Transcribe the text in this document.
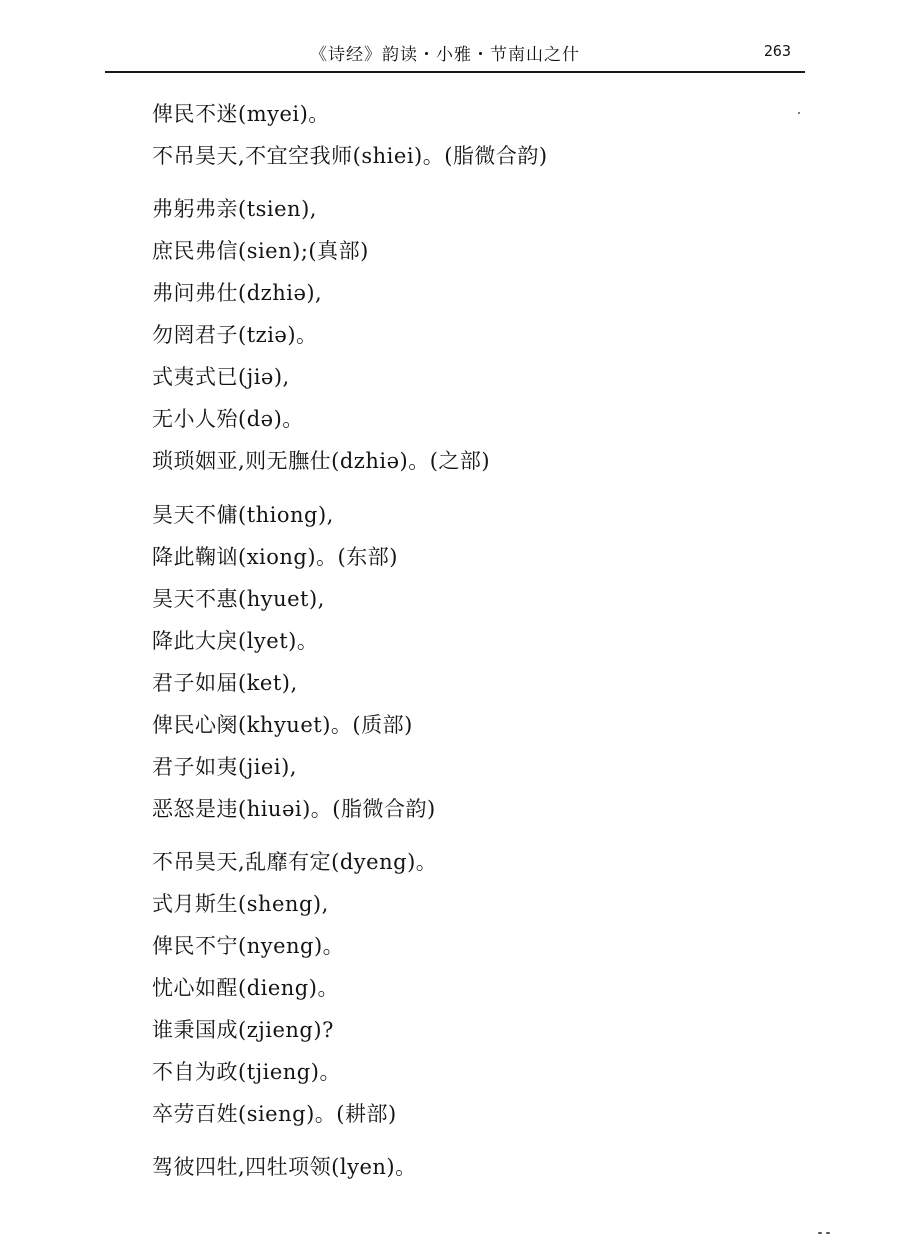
《诗经》韵读・小雅・节南山之什	263
俾民不迷(myei)。
不吊昊天,不宜空我师(shiei)。(脂微合韵)
弗躬弗亲(tsien),
庶民弗信(sien);(真部)
弗问弗仕(dzhiə),
勿罔君子(tziə)。
式夷式已(jiə),
无小人殆(də)。
琐琐姻亚,则无膴仕(dzhiə)。(之部)
昊天不傭(thiong),
降此鞠讻(xiong)。(东部)
昊天不惠(hyuet),
降此大戾(lyet)。
君子如届(ket),
俾民心阕(khyuet)。(质部)
君子如夷(jiei),
恶怒是违(hiuəi)。(脂微合韵)
不吊昊天,乱靡有定(dyeng)。
式月斯生(sheng),
俾民不宁(nyeng)。
忧心如酲(dieng)。
谁秉国成(zjieng)?
不自为政(tjieng)。
卒劳百姓(sieng)。(耕部)
驾彼四牡,四牡项领(lyen)。
